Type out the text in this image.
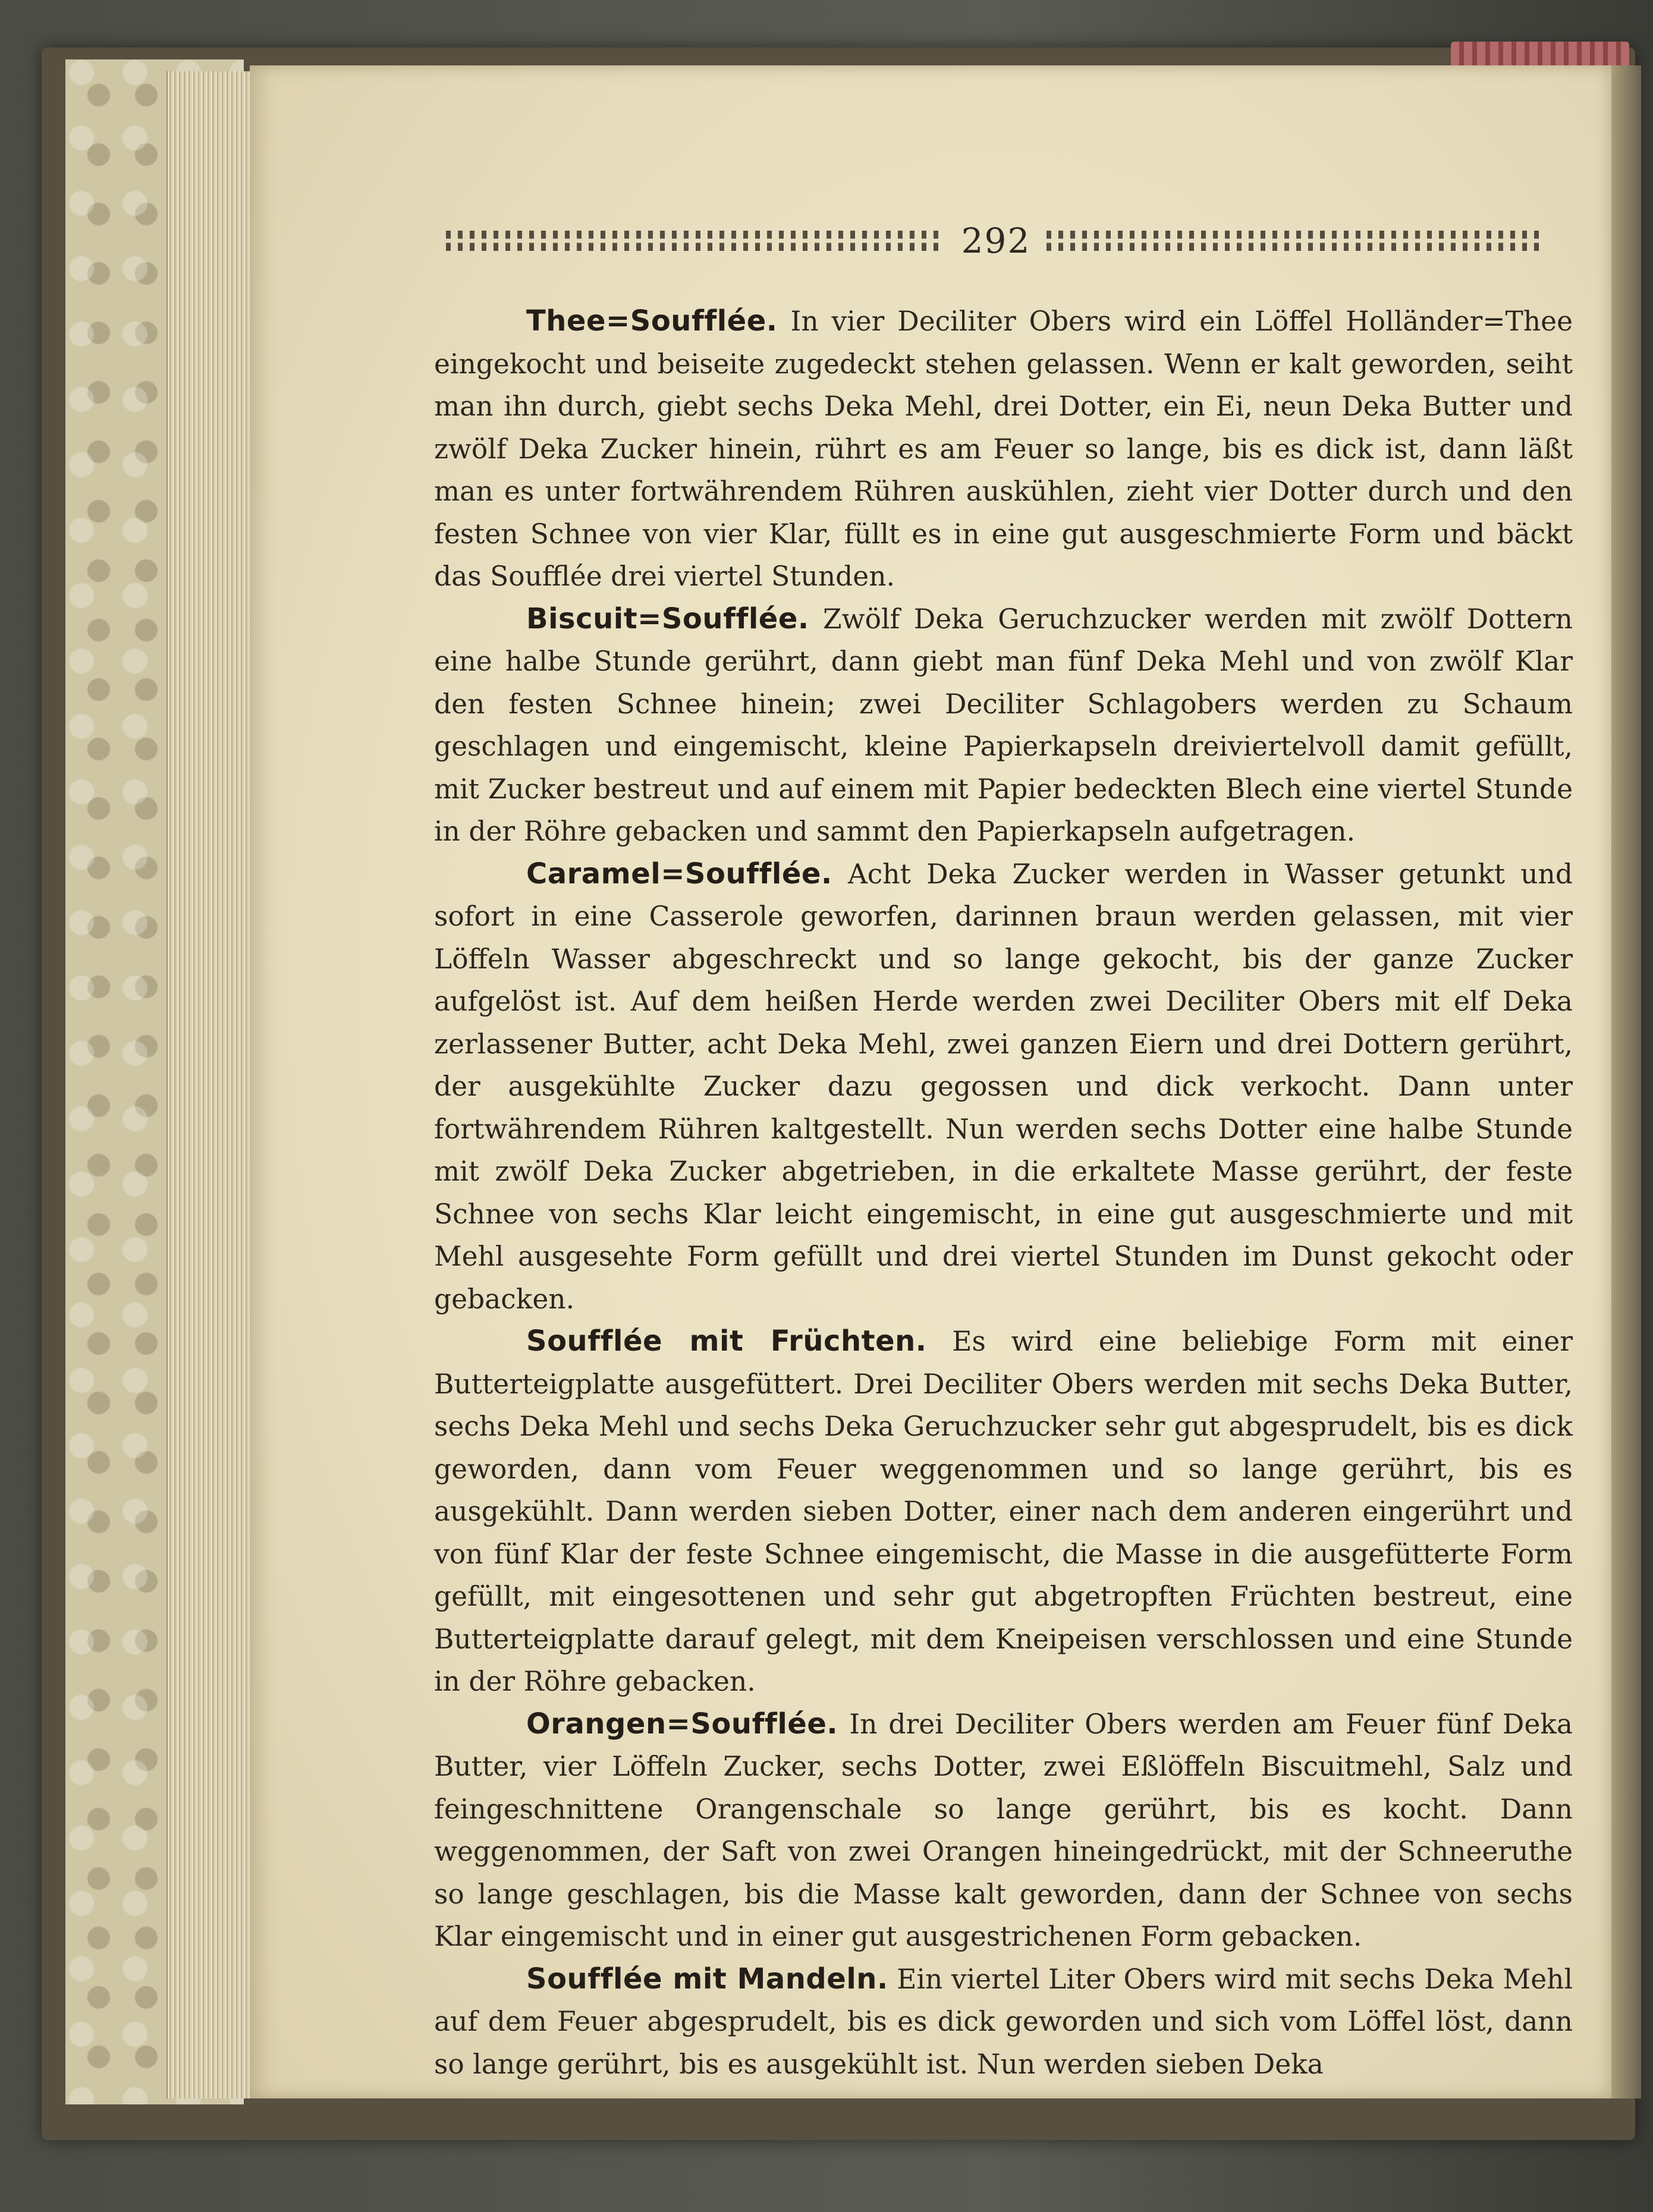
292

Thee=Soufflée. In vier Deciliter Obers wird ein Löffel Holländer=Thee eingekocht und beiseite zugedeckt stehen gelassen. Wenn er kalt geworden, seiht man ihn durch, giebt sechs Deka Mehl, drei Dotter, ein Ei, neun Deka Butter und zwölf Deka Zucker hinein, rührt es am Feuer so lange, bis es dick ist, dann läßt man es unter fortwährendem Rühren auskühlen, zieht vier Dotter durch und den festen Schnee von vier Klar, füllt es in eine gut ausgeschmierte Form und bäckt das Soufflée drei viertel Stunden.

Biscuit=Soufflée. Zwölf Deka Geruchzucker werden mit zwölf Dottern eine halbe Stunde gerührt, dann giebt man fünf Deka Mehl und von zwölf Klar den festen Schnee hinein; zwei Deciliter Schlagobers werden zu Schaum geschlagen und eingemischt, kleine Papierkapseln dreiviertelvoll damit gefüllt, mit Zucker bestreut und auf einem mit Papier bedeckten Blech eine viertel Stunde in der Röhre gebacken und sammt den Papierkapseln aufgetragen.

Caramel=Soufflée. Acht Deka Zucker werden in Wasser getunkt und sofort in eine Casserole geworfen, darinnen braun werden gelassen, mit vier Löffeln Wasser abgeschreckt und so lange gekocht, bis der ganze Zucker aufgelöst ist. Auf dem heißen Herde werden zwei Deciliter Obers mit elf Deka zerlassener Butter, acht Deka Mehl, zwei ganzen Eiern und drei Dottern gerührt, der ausgekühlte Zucker dazu gegossen und dick verkocht. Dann unter fortwährendem Rühren kaltgestellt. Nun werden sechs Dotter eine halbe Stunde mit zwölf Deka Zucker abgetrieben, in die erkaltete Masse gerührt, der feste Schnee von sechs Klar leicht eingemischt, in eine gut ausgeschmierte und mit Mehl ausgesehte Form gefüllt und drei viertel Stunden im Dunst gekocht oder gebacken.

Soufflée mit Früchten. Es wird eine beliebige Form mit einer Butterteigplatte ausgefüttert. Drei Deciliter Obers werden mit sechs Deka Butter, sechs Deka Mehl und sechs Deka Geruchzucker sehr gut abgesprudelt, bis es dick geworden, dann vom Feuer weggenommen und so lange gerührt, bis es ausgekühlt. Dann werden sieben Dotter, einer nach dem anderen eingerührt und von fünf Klar der feste Schnee eingemischt, die Masse in die ausgefütterte Form gefüllt, mit eingesottenen und sehr gut abgetropften Früchten bestreut, eine Butterteigplatte darauf gelegt, mit dem Kneipeisen verschlossen und eine Stunde in der Röhre gebacken.

Orangen=Soufflée. In drei Deciliter Obers werden am Feuer fünf Deka Butter, vier Löffeln Zucker, sechs Dotter, zwei Eßlöffeln Biscuitmehl, Salz und feingeschnittene Orangenschale so lange gerührt, bis es kocht. Dann weggenommen, der Saft von zwei Orangen hineingedrückt, mit der Schneeruthe so lange geschlagen, bis die Masse kalt geworden, dann der Schnee von sechs Klar eingemischt und in einer gut ausgestrichenen Form gebacken.

Soufflée mit Mandeln. Ein viertel Liter Obers wird mit sechs Deka Mehl auf dem Feuer abgesprudelt, bis es dick geworden und sich vom Löffel löst, dann so lange gerührt, bis es ausgekühlt ist. Nun werden sieben Deka
